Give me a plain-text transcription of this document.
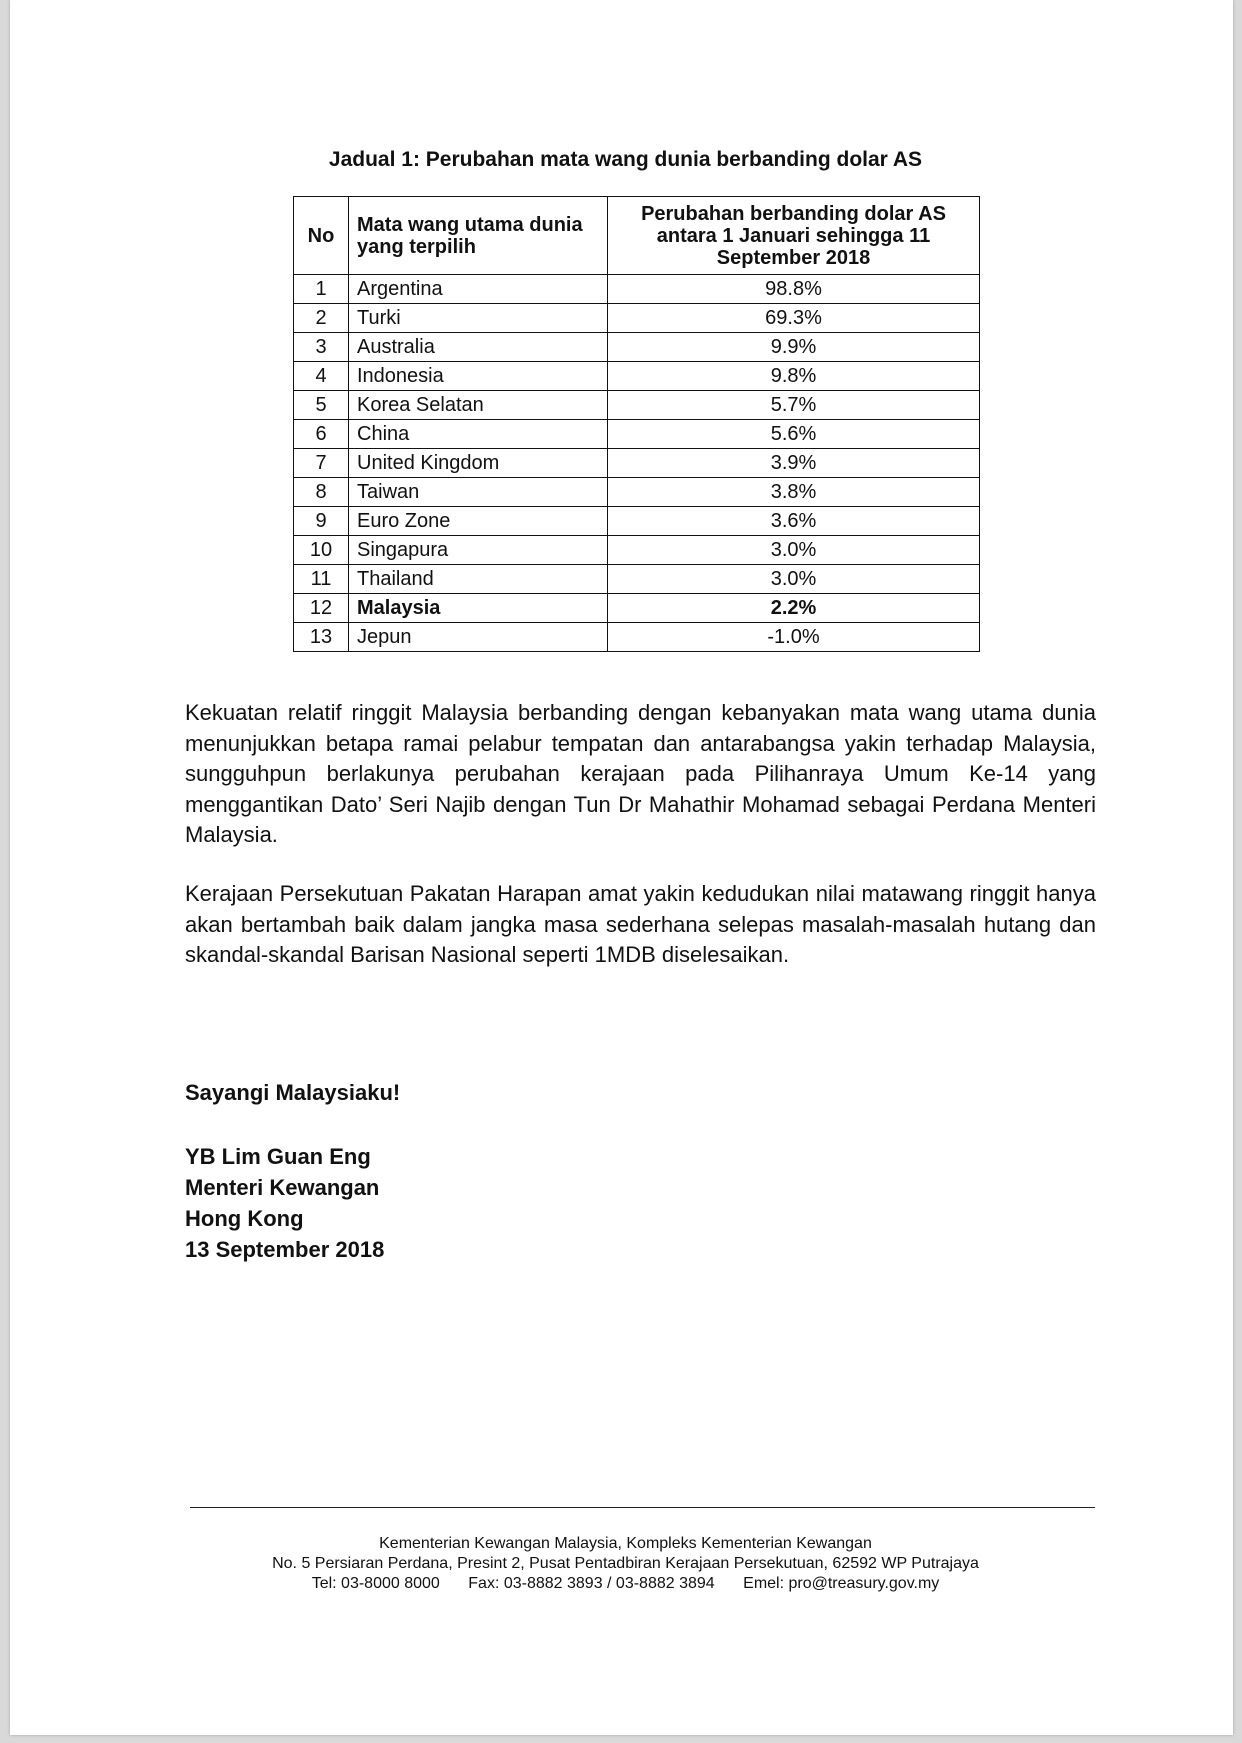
Jadual 1: Perubahan mata wang dunia berbanding dolar AS
No	Mata wang utama dunia yang terpilih	Perubahan berbanding dolar AS antara 1 Januari sehingga 11 September 2018
1	Argentina	98.8%
2	Turki	69.3%
3	Australia	9.9%
4	Indonesia	9.8%
5	Korea Selatan	5.7%
6	China	5.6%
7	United Kingdom	3.9%
8	Taiwan	3.8%
9	Euro Zone	3.6%
10	Singapura	3.0%
11	Thailand	3.0%
12	Malaysia	2.2%
13	Jepun	-1.0%

Kekuatan relatif ringgit Malaysia berbanding dengan kebanyakan mata wang utama dunia menunjukkan betapa ramai pelabur tempatan dan antarabangsa yakin terhadap Malaysia, sungguhpun berlakunya perubahan kerajaan pada Pilihanraya Umum Ke-14 yang menggantikan Dato’ Seri Najib dengan Tun Dr Mahathir Mohamad sebagai Perdana Menteri Malaysia.

Kerajaan Persekutuan Pakatan Harapan amat yakin kedudukan nilai matawang ringgit hanya akan bertambah baik dalam jangka masa sederhana selepas masalah-masalah hutang dan skandal-skandal Barisan Nasional seperti 1MDB diselesaikan.

Sayangi Malaysiaku!

YB Lim Guan Eng
Menteri Kewangan
Hong Kong
13 September 2018
Kementerian Kewangan Malaysia, Kompleks Kementerian Kewangan
No. 5 Persiaran Perdana, Presint 2, Pusat Pentadbiran Kerajaan Persekutuan, 62592 WP Putrajaya
Tel: 03-8000 8000 Fax: 03-8882 3893 / 03-8882 3894 Emel: pro@treasury.gov.my
